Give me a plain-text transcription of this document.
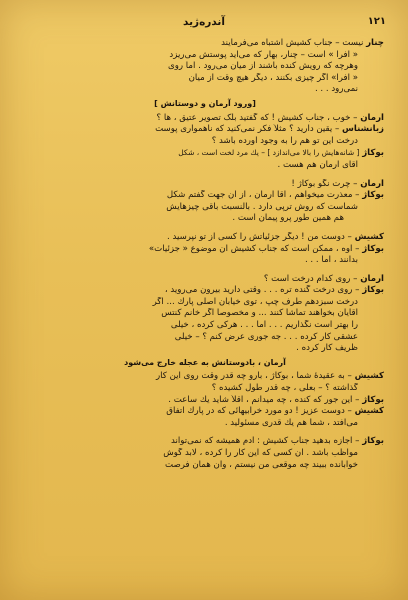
۱۲۱
آندره‌ژید
چنار نیست – جناب کشیش اشتباه می‌فرمایند
« افرا » است – چنار، بهار که می‌آید پوستش می‌ریزد
وهرچه که رویش کنده باشند از میان می‌رود . اما روی
« افرا» اگر چیزی بکنند ، دیگر هیچ وقت از میان
نمی‌رود . . .
[ورود آرمان و دوستانش ]
آرمان – خوب ، جناب کشیش ! که گفتید بلک تصویر عتیق ، ها ؟
زبانشناس – یقین دارید ؟ مثلاً فکر نمی‌کنید که ناهمواری پوست
درخت این تو هم را به وجود آورده باشد ؟
بوکاژ [ شانه‌هایش را بالا می‌اندازد ] – یك مرد لخت است ، شکل
آقای آرمان هم هست .
آرمان – چرت نگو بوکاژ !
بوکاژ – معذرت میخواهم ، آقا آرمان ، از آن جهت گفتم شکل
شماست که روش ترپی دارد . بالنسبت باقی چیزهایش
هم همین طور پرو پیمان است .
کشیش – دوست من ! دیگر جزئیاتش را کسی از تو نپرسید .
بوکاژ – اوه ، ممکن است که جناب کشیش آن موضوع « جزئیات»
بدانند ، اما . . .
آرمان – روی کدام درخت است ؟
بوکاژ – روی درخت گنده تره . . . وقتی دارید بیرون می‌روید ،
درخت سبزدهم طرف چپ ، توی خیابان اصلی پارك ... اگر
آقایان بخواهند تماشا کنند ... و مخصوصاً اگر خانم کنتس
را بهتر است نگذاریم . . . اما . . . هرکی کرده ، خیلی
عشقی کار کرده . . . جه جوری عرض کنم ؟ – خیلی
ظریف کار کرده .
آرمان ، بادوستانش به عجله خارج می‌شود
کشیش – به عقیدهٔ شما ، بوکاژ ، بارو چه قدر وقت روی این کار
گذاشته ؟ – بعلی ، چه قدر طول کشیده ؟
بوکاژ – این جور که کنده ، چه میدانم ، اقلاً شاید یك ساعت .
کشیش – دوست عزیز ! دو مورد خرابیهائی که در پارك اتفاق
می‌افتد ، شما هم یك قدری مسئولید .
بوکاژ – اجازه بدهید جناب کشیش : آدم همیشه که نمی‌تواند
مواظب باشد . آن کسی که این کار را کرده ، لابد گوش
خوابانده ببیند چه موقعی من نیستم ، وآن همان فرصت
